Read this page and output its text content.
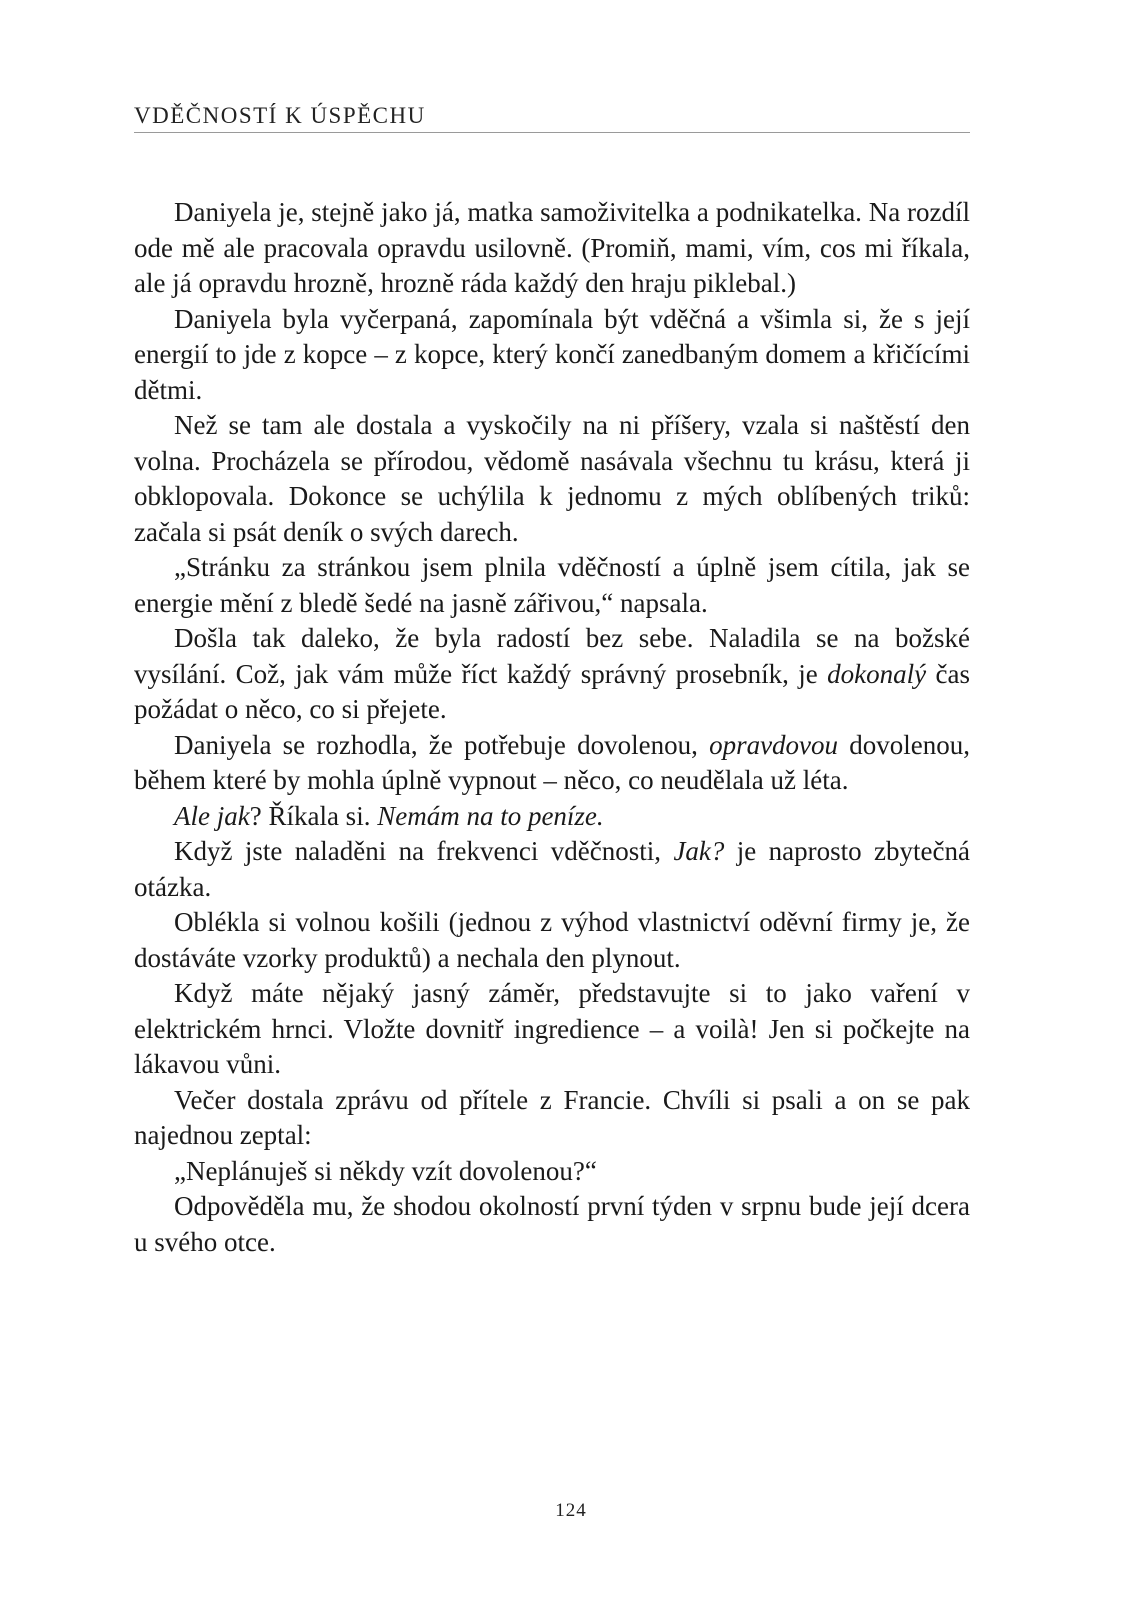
VDĚČNOSTÍ K ÚSPĚCHU

Daniyela je, stejně jako já, matka samoživitelka a podnikatelka. Na rozdíl ode mě ale pracovala opravdu usilovně. (Promiň, mami, vím, cos mi říkala, ale já opravdu hrozně, hrozně ráda každý den hraju piklebal.)

Daniyela byla vyčerpaná, zapomínala být vděčná a všimla si, že s její energií to jde z kopce – z kopce, který končí zanedbaným domem a křičícími dětmi.

Než se tam ale dostala a vyskočily na ni příšery, vzala si naštěstí den volna. Procházela se přírodou, vědomě nasávala všechnu tu krásu, která ji obklopovala. Dokonce se uchýlila k jednomu z mých oblíbených triků: začala si psát deník o svých darech.

„Stránku za stránkou jsem plnila vděčností a úplně jsem cítila, jak se energie mění z bledě šedé na jasně zářivou,“ napsala.

Došla tak daleko, že byla radostí bez sebe. Naladila se na božské vysílání. Což, jak vám může říct každý správný prosebník, je dokonalý čas požádat o něco, co si přejete.

Daniyela se rozhodla, že potřebuje dovolenou, opravdovou dovolenou, během které by mohla úplně vypnout – něco, co neudělala už léta.

Ale jak? Říkala si. Nemám na to peníze.

Když jste naladěni na frekvenci vděčnosti, Jak? je naprosto zbytečná otázka.

Oblékla si volnou košili (jednou z výhod vlastnictví oděvní firmy je, že dostáváte vzorky produktů) a nechala den plynout.

Když máte nějaký jasný záměr, představujte si to jako vaření v elektrickém hrnci. Vložte dovnitř ingredience – a voilà! Jen si počkejte na lákavou vůni.

Večer dostala zprávu od přítele z Francie. Chvíli si psali a on se pak najednou zeptal:

„Neplánuješ si někdy vzít dovolenou?“

Odpověděla mu, že shodou okolností první týden v srpnu bude její dcera u svého otce.

124
